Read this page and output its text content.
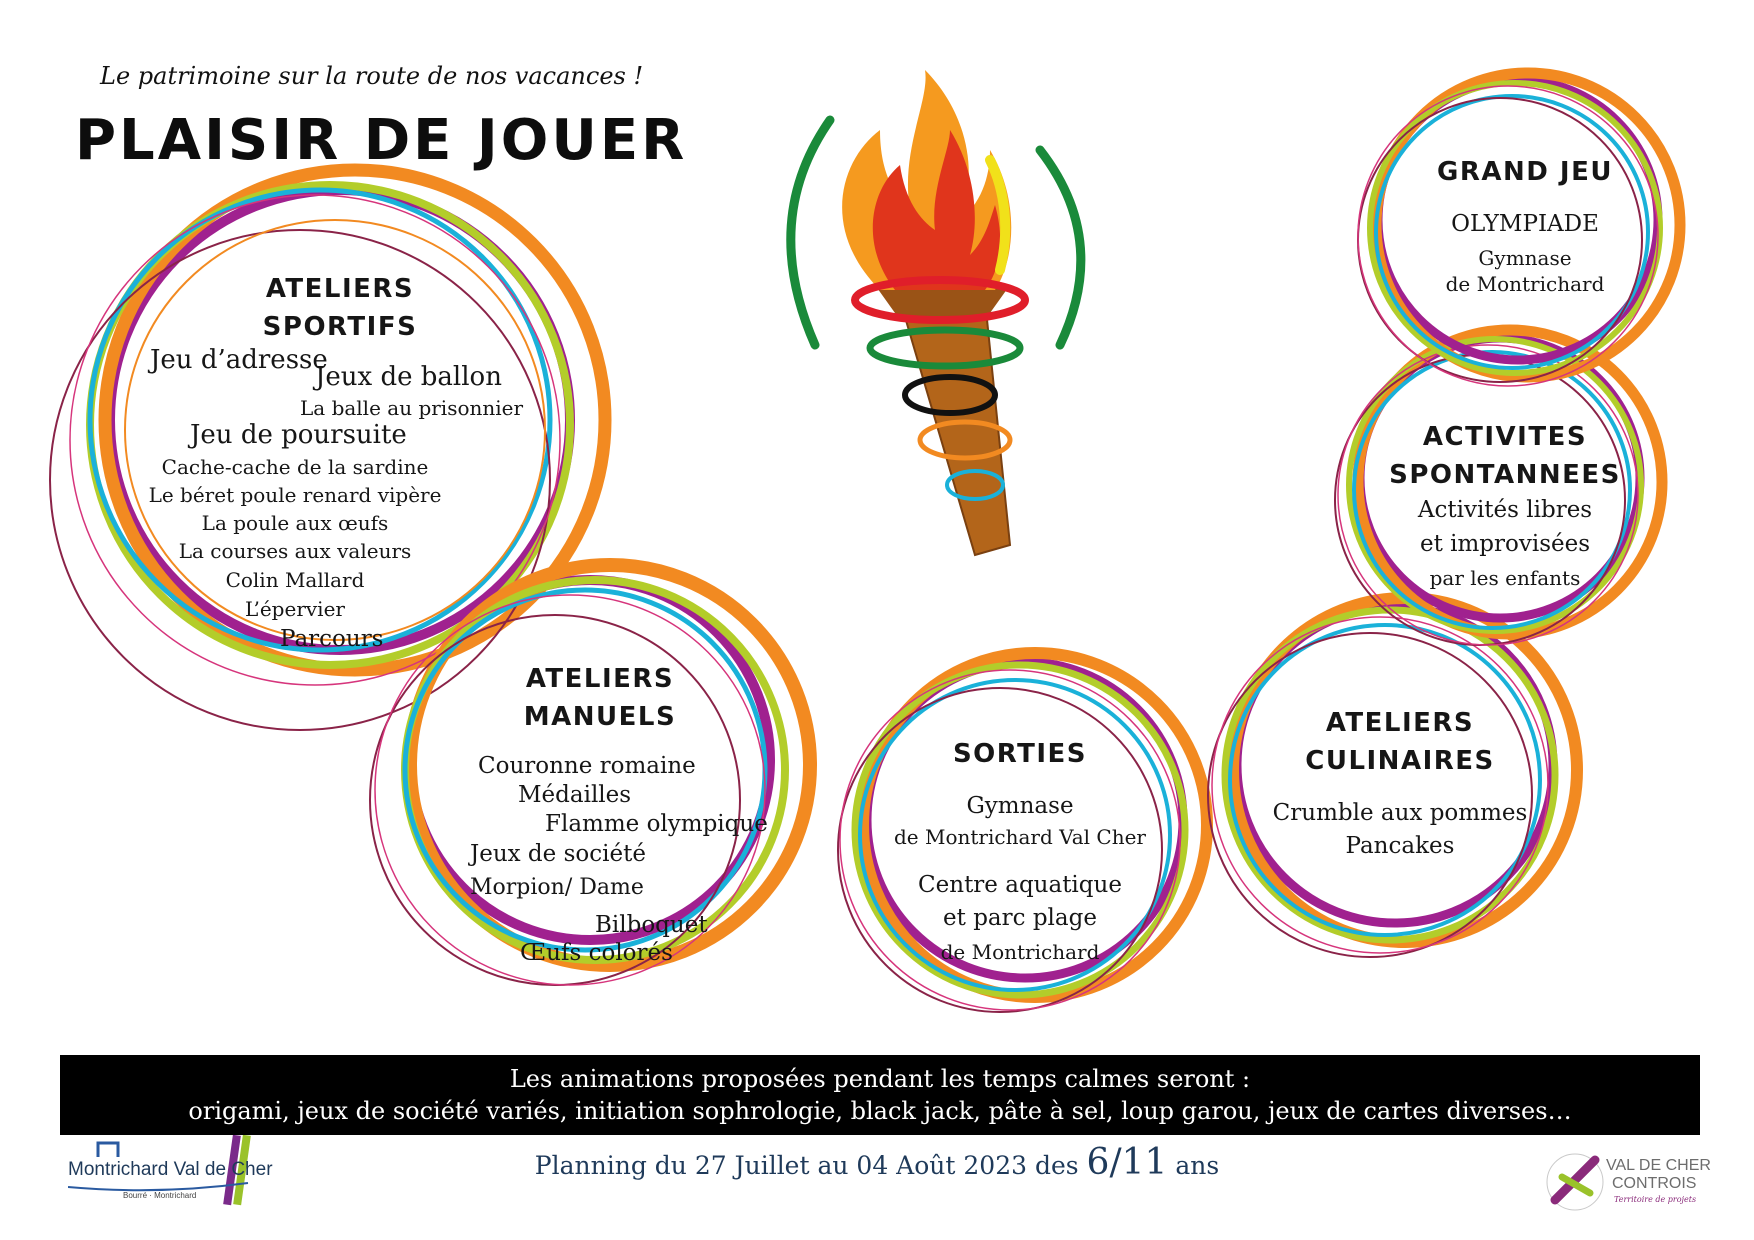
Le patrimoine sur la route de nos vacances !
PLAISIR DE JOUER
ATELIERS
SPORTIFS
Jeu d’adresse
Jeux de ballon
La balle au prisonnier
Jeu de poursuite
Cache-cache de la sardine
Le béret poule renard vipère
La poule aux œufs
La courses aux valeurs
Colin Mallard
L’épervier
Parcours
ATELIERS
MANUELS
Couronne romaine
Médailles
Flamme olympique
Jeux de société
Morpion/ Dame
Bilboquet
Œufs colorés
SORTIES
Gymnase
de Montrichard Val Cher
Centre aquatique
et parc plage
de Montrichard
ATELIERS
CULINAIRES
Crumble aux pommes
Pancakes
ACTIVITES
SPONTANNEES
Activités libres
et improvisées
par les enfants
GRAND JEU
OLYMPIADE
Gymnase
de Montrichard
Les animations proposées pendant les temps calmes seront :
origami, jeux de société variés, initiation sophrologie, black jack, pâte à sel, loup garou, jeux de cartes diverses…
Planning du 27 Juillet au 04 Août 2023 des 6/11 ans
Montrichard Val de Cher
Bourré · Montrichard
VAL DE CHER
CONTROIS
Territoire de projets
